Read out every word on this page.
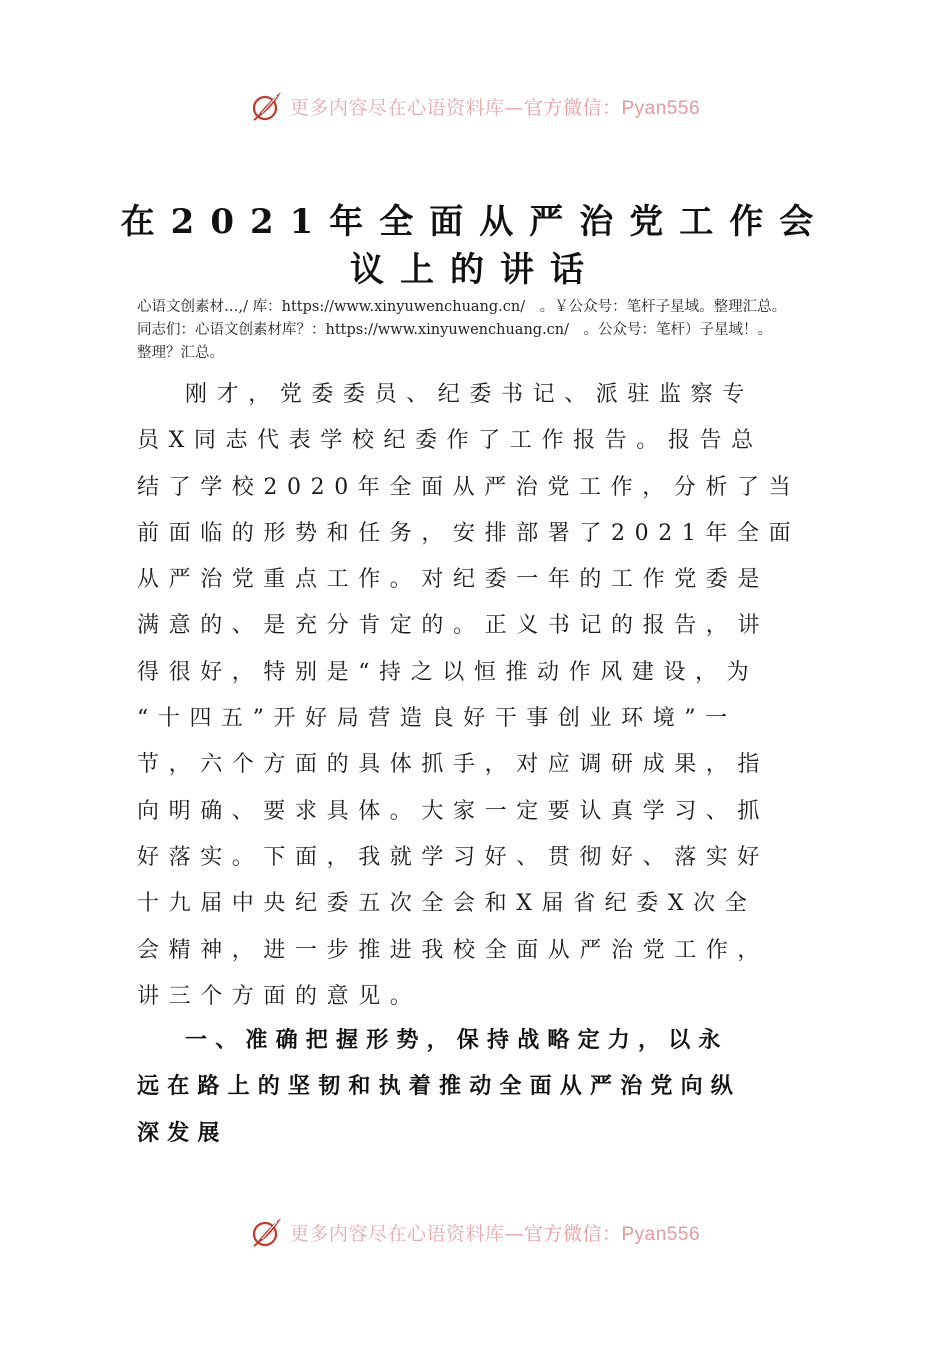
更多内容尽在心语资料库—官方微信：Pyan556
在2021年全面从严治党工作会
议上的讲话
心语文创素材…,/ 库：https://www.xinyuwenchuang.cn/　。￥公众号：笔杆子星域。整理汇总。
同志们：心语文创素材库？：https://www.xinyuwenchuang.cn/　。公众号：笔杆）子星域！。
整理？汇总。
刚才，党委委员、纪委书记、派驻监察专
员X同志代表学校纪委作了工作报告。报告总
结了学校2020年全面从严治党工作，分析了当
前面临的形势和任务，安排部署了2021年全面
从严治党重点工作。对纪委一年的工作党委是
满意的、是充分肯定的。正义书记的报告，讲
得很好，特别是“持之以恒推动作风建设，为
“十四五”开好局营造良好干事创业环境”一
节，六个方面的具体抓手，对应调研成果，指
向明确、要求具体。大家一定要认真学习、抓
好落实。下面，我就学习好、贯彻好、落实好
十九届中央纪委五次全会和X届省纪委X次全
会精神，进一步推进我校全面从严治党工作，
讲三个方面的意见。
一、准确把握形势，保持战略定力，以永
远在路上的坚韧和执着推动全面从严治党向纵
深发展
更多内容尽在心语资料库—官方微信：Pyan556
